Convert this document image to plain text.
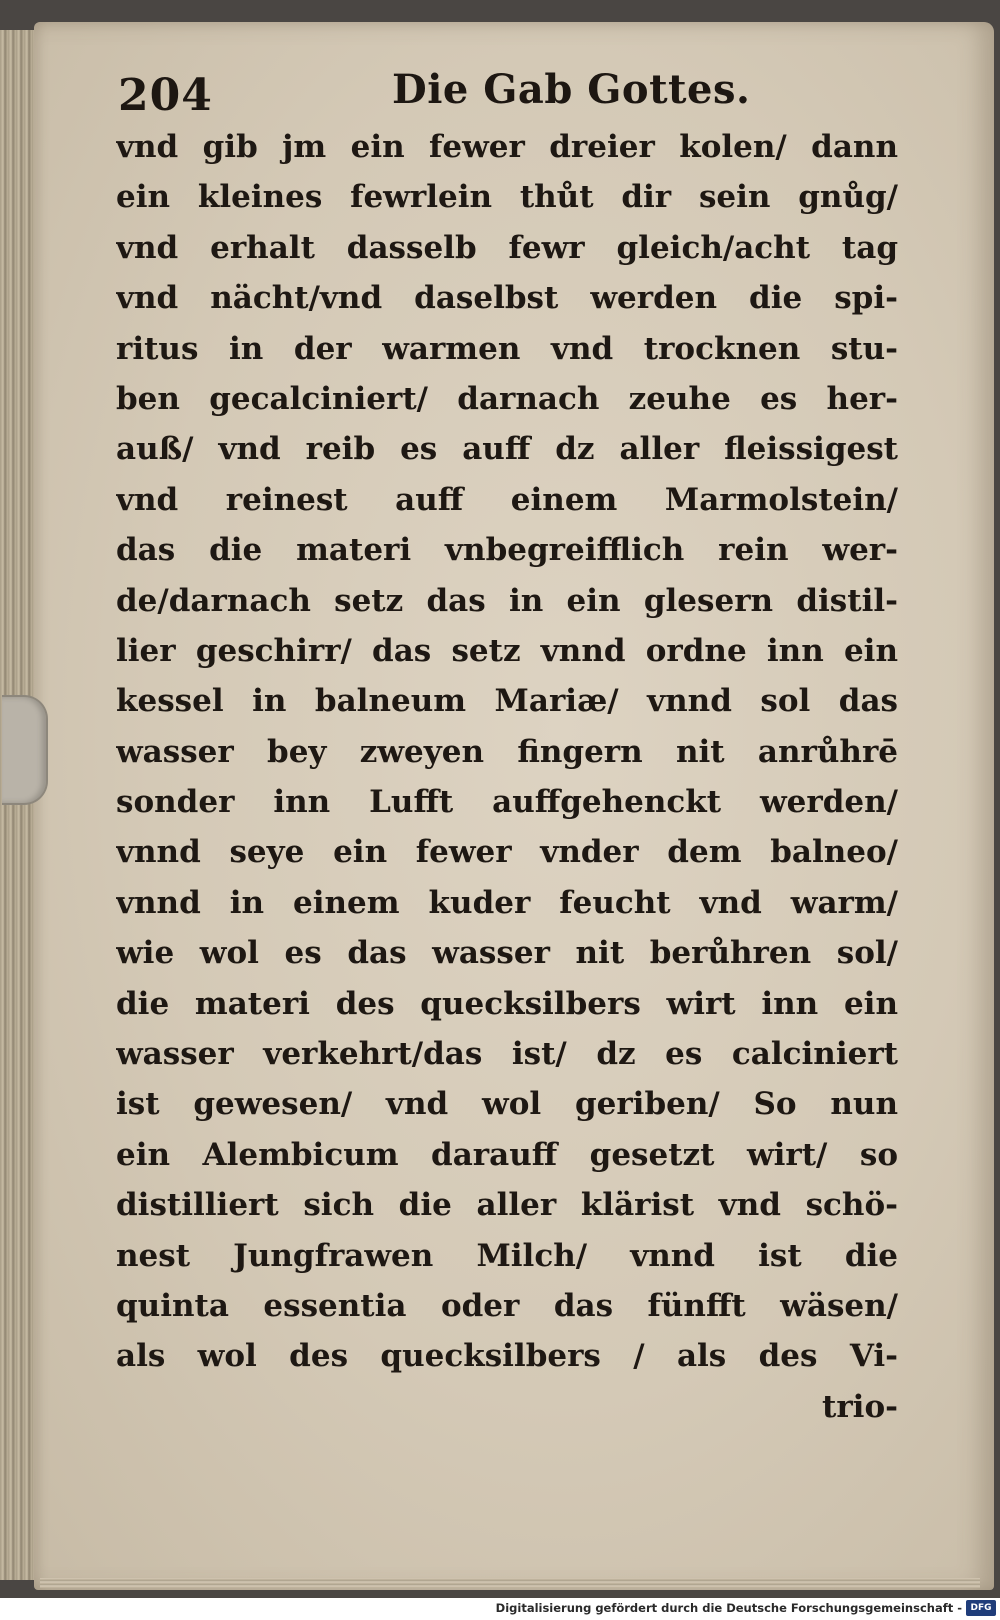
204	Die Gab Gottes.
vnd gib jm ein fewer dreier kolen/ dann
ein kleines fewrlein thůt dir sein gnůg/
vnd erhalt dasselb fewr gleich/acht tag
vnd nächt/vnd daselbst werden die spi-
ritus in der warmen vnd trocknen stu-
ben gecalciniert/ darnach zeuhe es her-
auß/ vnd reib es auff dz aller fleissigest
vnd reinest auff einem Marmolstein/
das die materi vnbegreifflich rein wer-
de/darnach setz das in ein glesern distil-
lier geschirr/ das setz vnnd ordne inn ein
kessel in balneum Mariæ/ vnnd sol das
wasser bey zweyen fingern nit anrůhrē
sonder inn Lufft auffgehenckt werden/
vnnd seye ein fewer vnder dem balneo/
vnnd in einem kuder feucht vnd warm/
wie wol es das wasser nit berůhren sol/
die materi des quecksilbers wirt inn ein
wasser verkehrt/das ist/ dz es calciniert
ist gewesen/ vnd wol geriben/ So nun
ein Alembicum darauff gesetzt wirt/ so
distilliert sich die aller klärist vnd schö-
nest Jungfrawen Milch/ vnnd ist die
quinta essentia oder das fünfft wäsen/
als wol des quecksilbers / als des Vi-
trio-
Digitalisierung gefördert durch die Deutsche Forschungsgemeinschaft - DFG
